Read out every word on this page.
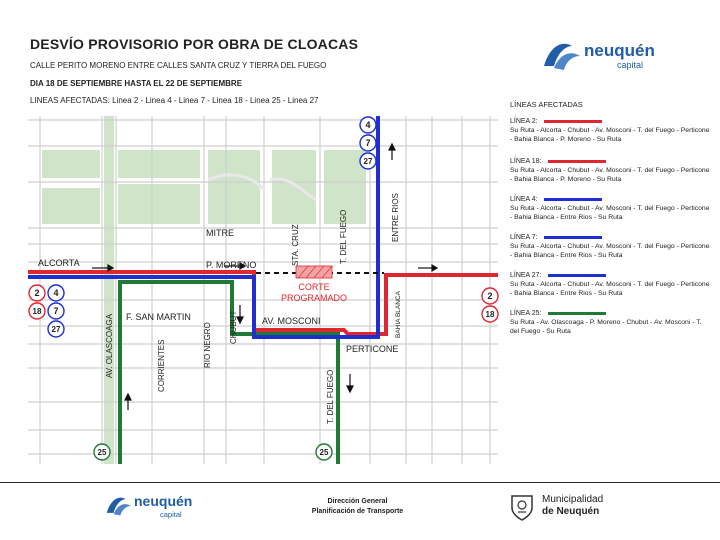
DESVÍO PROVISORIO POR OBRA DE CLOACAS
CALLE PERITO MORENO ENTRE CALLES SANTA CRUZ Y TIERRA DEL FUEGO
DIA 18 DE SEPTIEMBRE HASTA EL 22 DE SEPTIEMBRE
LINEAS AFECTADAS: Linea 2 - Linea 4 - Linea 7 - Linea 18 - Linea 25 - Linea 27
neuquén
capital
ALCORTA	P. MORENO
MITRE
F. SAN MARTIN	AV. MOSCONI
PERTICONE
AV. OLASCOAGA	CORRIENTES	RIO NEGRO CHUBUT
STA. CRUZ	T. DEL FUEGO
T. DEL FUEGO
ENTRE RIOS
BAHIA BLANCA
CORTE
PROGRAMADO
4
7
27
2 4
18 7
27
2
18
25	25
LÍNEAS AFECTADAS
LÍNEA 2:
Su Ruta - Alcorta - Chubut - Av. Mosconi - T. del Fuego - Perticone - Bahia Blanca - P. Moreno - Su Ruta
LÍNEA 18:
Su Ruta - Alcorta - Chubut - Av. Mosconi - T. del Fuego - Perticone - Bahia Blanca - P. Moreno - Su Ruta
LÍNEA 4:
Su Ruta - Alcorta - Chubut - Av. Mosconi - T. del Fuego - Perticone - Bahia Blanca - Entre Rios - Su Ruta
LÍNEA 7:
Su Ruta - Alcorta - Chubut - Av. Mosconi - T. del Fuego - Perticone - Bahia Blanca - Entre Rios - Su Ruta
LÍNEA 27:
Su Ruta - Alcorta - Chubut - Av. Mosconi - T. del Fuego - Perticone - Bahia Blanca - Entre Rios - Su Ruta
LÍNEA 25:
Su Ruta - Av. Olascoaga - P. Moreno - Chubut - Av. Mosconi - T. del Fuego - Su Ruta
neuquén
capital
Dirección General
Planificación de Transporte
Municipalidad
de Neuquén
